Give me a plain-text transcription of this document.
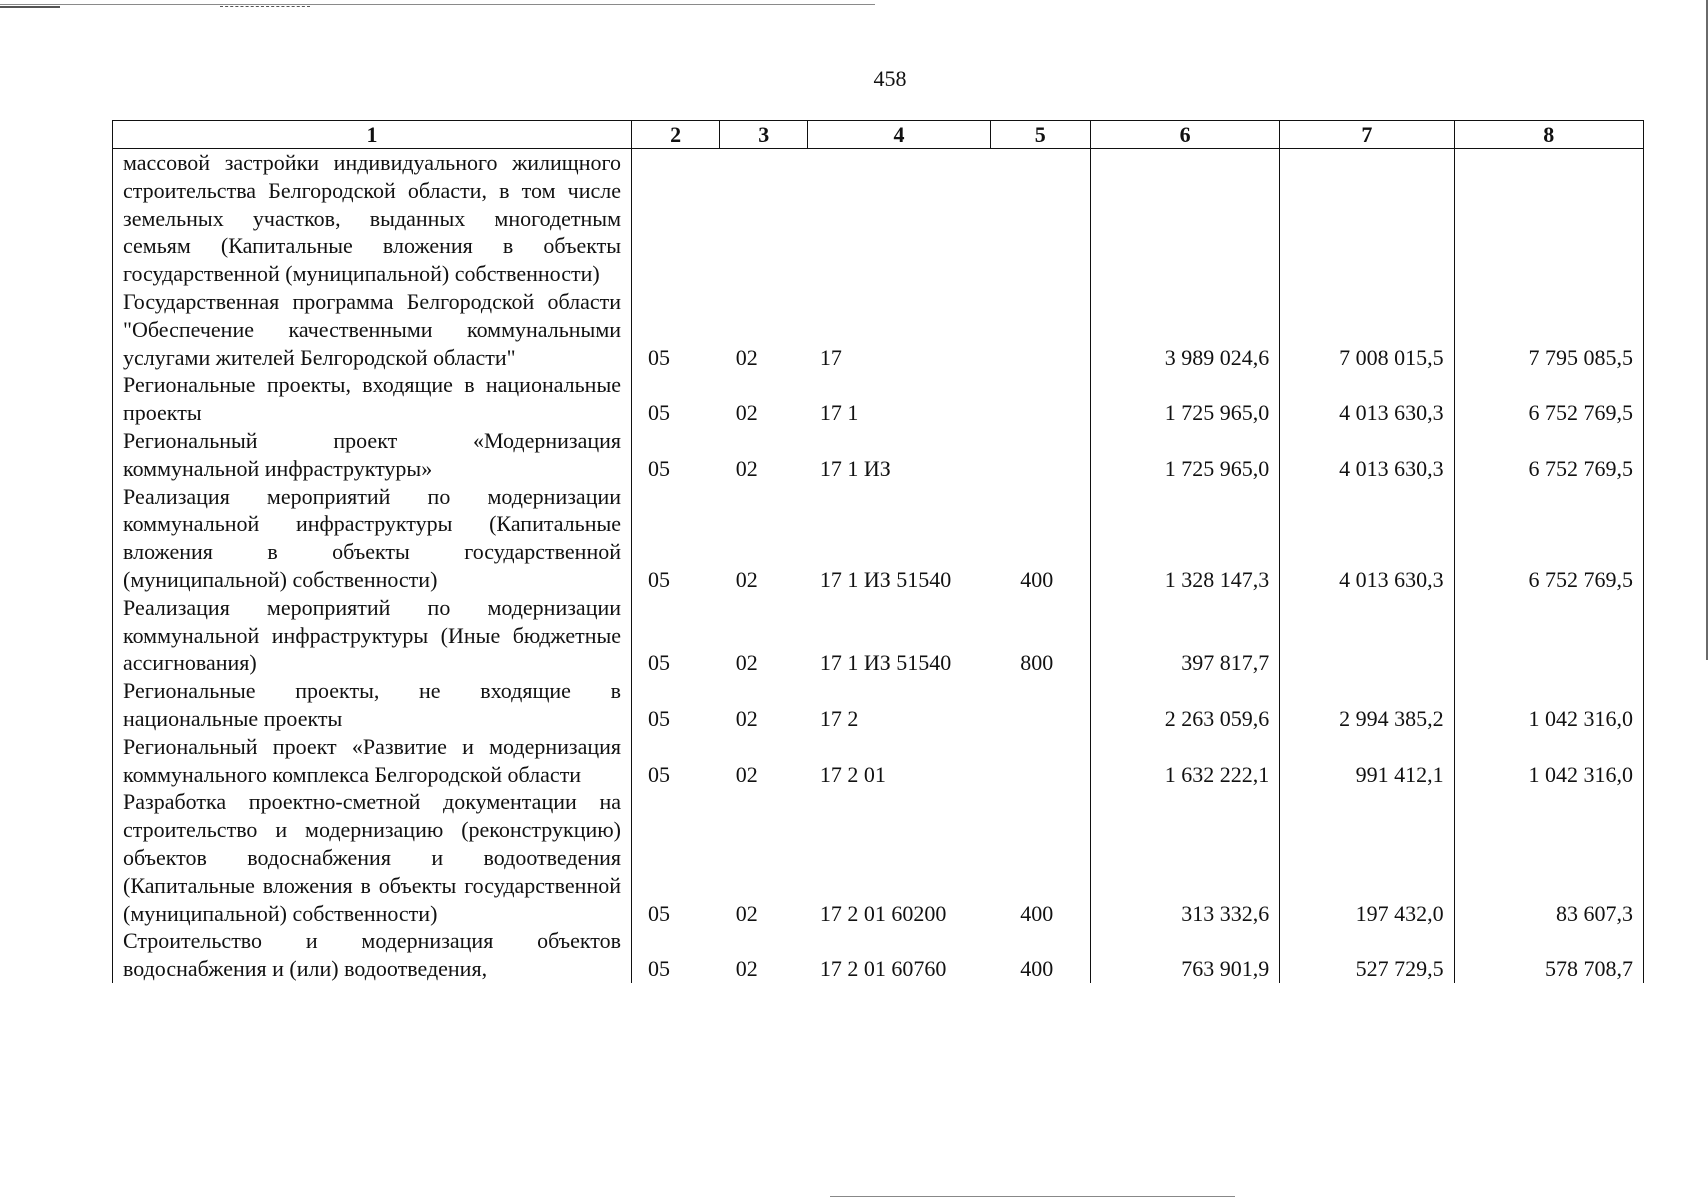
458
1	2	3	4	5	6	7	8
массовой застройки индивидуального жилищного строительства Белгородской области, в том числе земельных участков, выданных многодетным семьям (Капитальные вложения в объекты государственной (муниципальной) собственности)							
Государственная программа Белгородской области "Обеспечение качественными коммунальными услугами жителей Белгородской области"	05	02	17		3 989 024,6	7 008 015,5	7 795 085,5
Региональные проекты, входящие в национальные проекты	05	02	17 1		1 725 965,0	4 013 630,3	6 752 769,5
Региональный проект «Модернизация коммунальной инфраструктуры»	05	02	17 1 ИЗ		1 725 965,0	4 013 630,3	6 752 769,5
Реализация мероприятий по модернизации коммунальной инфраструктуры (Капитальные вложения в объекты государственной (муниципальной) собственности)	05	02	17 1 ИЗ 51540	400	1 328 147,3	4 013 630,3	6 752 769,5
Реализация мероприятий по модернизации коммунальной инфраструктуры (Иные бюджетные ассигнования)	05	02	17 1 ИЗ 51540	800	397 817,7		
Региональные проекты, не входящие в национальные проекты	05	02	17 2		2 263 059,6	2 994 385,2	1 042 316,0
Региональный проект «Развитие и модернизация коммунального комплекса Белгородской области	05	02	17 2 01		1 632 222,1	991 412,1	1 042 316,0
Разработка проектно-сметной документации на строительство и модернизацию (реконструкцию) объектов водоснабжения и водоотведения (Капитальные вложения в объекты государственной (муниципальной) собственности)	05	02	17 2 01 60200	400	313 332,6	197 432,0	83 607,3
Строительство и модернизация объектов водоснабжения и (или) водоотведения,	05	02	17 2 01 60760	400	763 901,9	527 729,5	578 708,7
